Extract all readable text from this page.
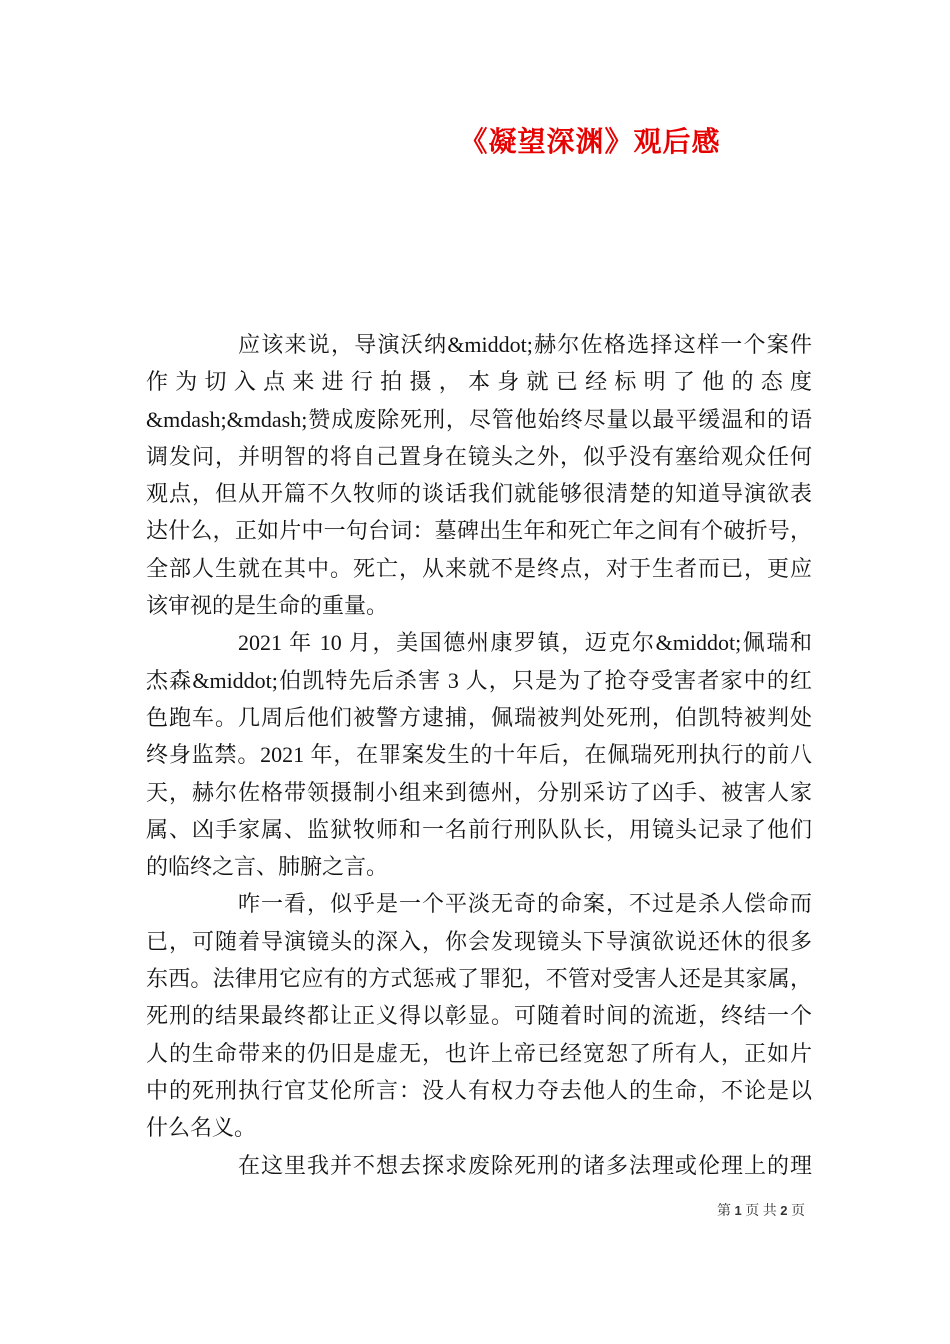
《凝望深渊》观后感
应该来说，导演沃纳&middot;赫尔佐格选择这样一个案件
作为切入点来进行拍摄，本身就已经标明了他的态度
&mdash;&mdash;赞成废除死刑，尽管他始终尽量以最平缓温和的语
调发问，并明智的将自己置身在镜头之外，似乎没有塞给观众任何
观点，但从开篇不久牧师的谈话我们就能够很清楚的知道导演欲表
达什么，正如片中一句台词：墓碑出生年和死亡年之间有个破折号，
全部人生就在其中。死亡，从来就不是终点，对于生者而已，更应
该审视的是生命的重量。
2021 年 10 月，美国德州康罗镇，迈克尔&middot;佩瑞和
杰森&middot;伯凯特先后杀害 3 人，只是为了抢夺受害者家中的红
色跑车。几周后他们被警方逮捕，佩瑞被判处死刑，伯凯特被判处
终身监禁。2021 年，在罪案发生的十年后，在佩瑞死刑执行的前八
天，赫尔佐格带领摄制小组来到德州，分别采访了凶手、被害人家
属、凶手家属、监狱牧师和一名前行刑队队长，用镜头记录了他们
的临终之言、肺腑之言。
咋一看，似乎是一个平淡无奇的命案，不过是杀人偿命而
已，可随着导演镜头的深入，你会发现镜头下导演欲说还休的很多
东西。法律用它应有的方式惩戒了罪犯，不管对受害人还是其家属，
死刑的结果最终都让正义得以彰显。可随着时间的流逝，终结一个
人的生命带来的仍旧是虚无，也许上帝已经宽恕了所有人，正如片
中的死刑执行官艾伦所言：没人有权力夺去他人的生命，不论是以
什么名义。
在这里我并不想去探求废除死刑的诸多法理或伦理上的理
第 1 页 共 2 页
